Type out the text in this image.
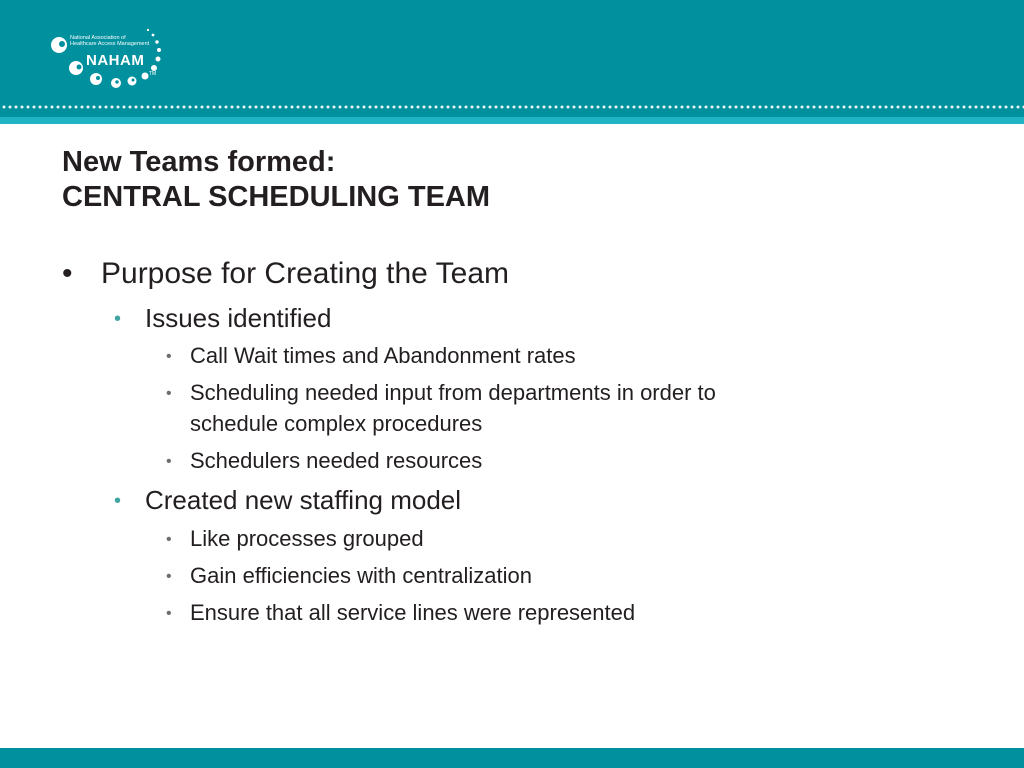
National Association of
Healthcare Access Management
NAHAM
TM
New Teams formed:
CENTRAL SCHEDULING TEAM
• Purpose for Creating the Team
• Issues identified
• Call Wait times and Abandonment rates
• Scheduling needed input from departments in order to
schedule complex procedures
• Schedulers needed resources
• Created new staffing model
• Like processes grouped
• Gain efficiencies with centralization
• Ensure that all service lines were represented
